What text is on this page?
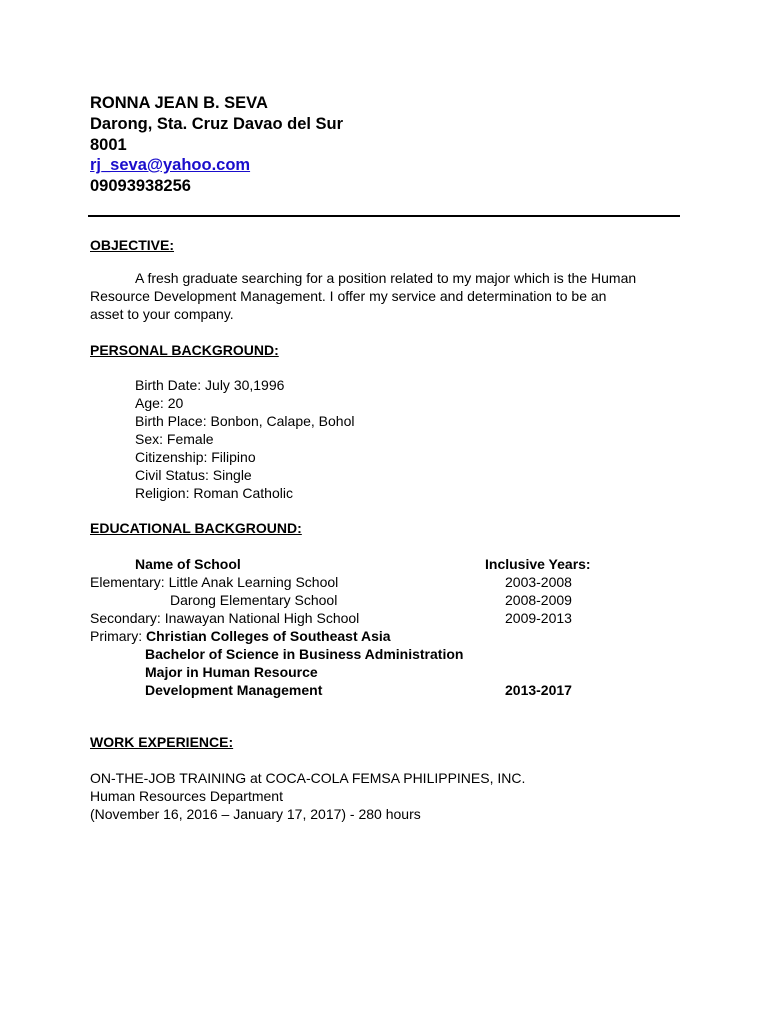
RONNA JEAN B. SEVA
Darong, Sta. Cruz Davao del Sur
8001
rj_seva@yahoo.com
09093938256
OBJECTIVE:
A fresh graduate searching for a position related to my major which is the Human
Resource Development Management. I offer my service and determination to be an
asset to your company.
PERSONAL BACKGROUND:
Birth Date: July 30,1996
Age: 20
Birth Place: Bonbon, Calape, Bohol
Sex: Female
Citizenship: Filipino
Civil Status: Single
Religion: Roman Catholic
EDUCATIONAL BACKGROUND:
Name of School	Inclusive Years:
Elementary: Little Anak Learning School	2003-2008
Darong Elementary School	2008-2009
Secondary: Inawayan National High School	2009-2013
Primary: Christian Colleges of Southeast Asia
Bachelor of Science in Business Administration
Major in Human Resource
Development Management	2013-2017
WORK EXPERIENCE:
ON-THE-JOB TRAINING at COCA-COLA FEMSA PHILIPPINES, INC.
Human Resources Department
(November 16, 2016 – January 17, 2017) - 280 hours
